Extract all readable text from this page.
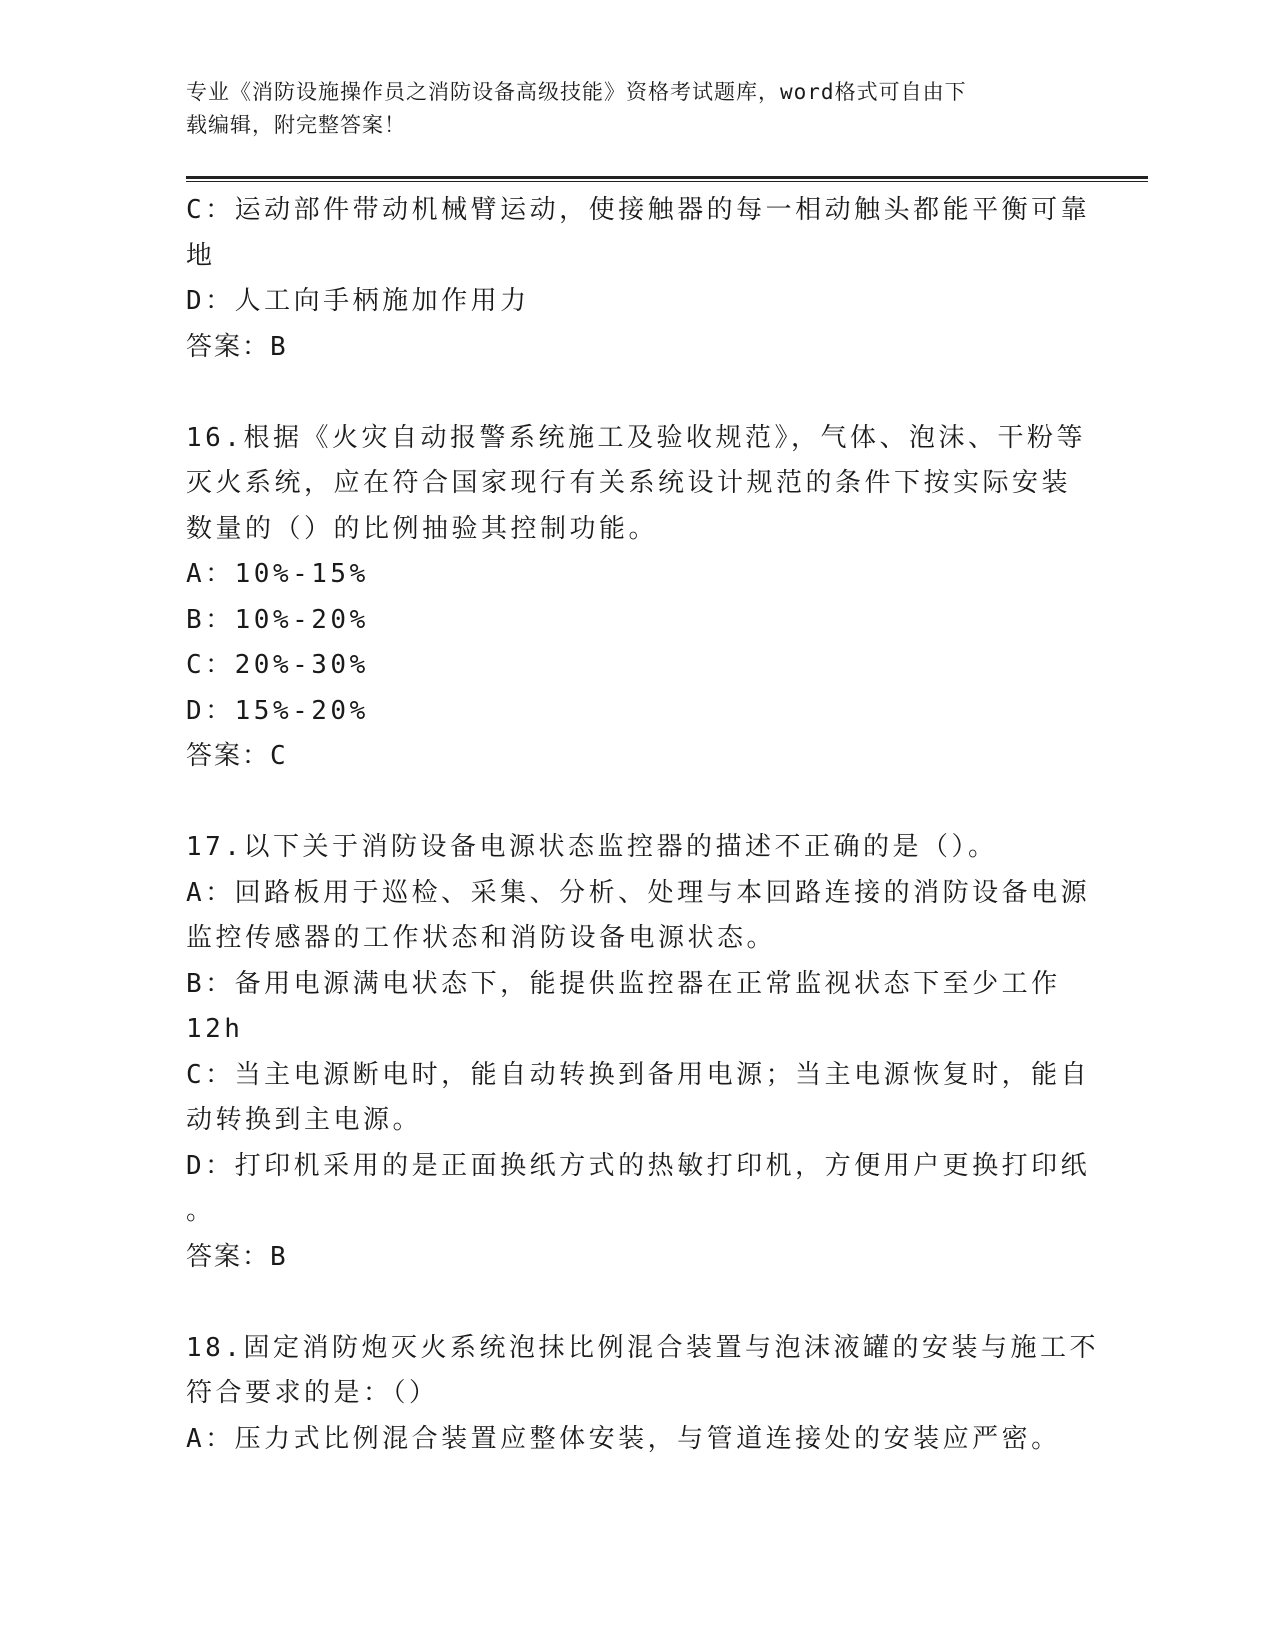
专业《消防设施操作员之消防设备高级技能》资格考试题库，word格式可自由下
载编辑，附完整答案！
C：运动部件带动机械臂运动，使接触器的每一相动触头都能平衡可靠
地
D：人工向手柄施加作用力
答案：B
16.根据《火灾自动报警系统施工及验收规范》，气体、泡沫、干粉等
灭火系统，应在符合国家现行有关系统设计规范的条件下按实际安装
数量的（）的比例抽验其控制功能。
A：10%-15%
B：10%-20%
C：20%-30%
D：15%-20%
答案：C
17.以下关于消防设备电源状态监控器的描述不正确的是（）。
A：回路板用于巡检、采集、分析、处理与本回路连接的消防设备电源
监控传感器的工作状态和消防设备电源状态。
B：备用电源满电状态下，能提供监控器在正常监视状态下至少工作
12h
C：当主电源断电时，能自动转换到备用电源；当主电源恢复时，能自
动转换到主电源。
D：打印机采用的是正面换纸方式的热敏打印机，方便用户更换打印纸
。
答案：B
18.固定消防炮灭火系统泡抹比例混合装置与泡沫液罐的安装与施工不
符合要求的是：（）
A：压力式比例混合装置应整体安装，与管道连接处的安装应严密。
